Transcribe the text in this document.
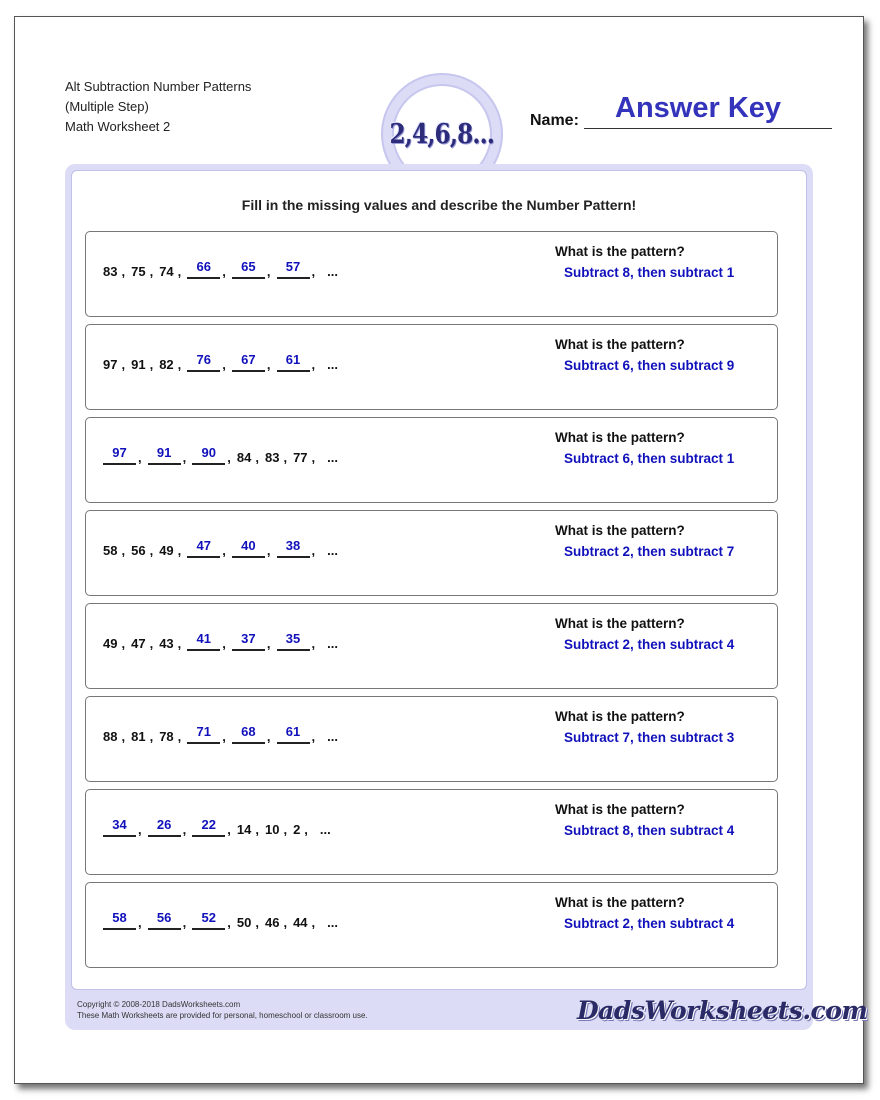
Alt Subtraction Number Patterns
(Multiple Step)
Math Worksheet 2	2,4,6,8... Name: Answer Key
Fill in the missing values and describe the Number Pattern!
83 , 75 , 74 ,	66 ,	65 ,	57 , ...
What is the pattern?
Subtract 8, then subtract 1
97 , 91 , 82 ,	76 ,	67 ,	61 , ...
What is the pattern?
Subtract 6, then subtract 9
97 ,	91 ,	90 , 84 , 83 , 77 , ...
What is the pattern?
Subtract 6, then subtract 1
58 , 56 , 49 ,	47 ,	40 ,	38 , ...
What is the pattern?
Subtract 2, then subtract 7
49 , 47 , 43 ,	41 ,	37 ,	35 , ...
What is the pattern?
Subtract 2, then subtract 4
88 , 81 , 78 ,	71 ,	68 ,	61 , ...
What is the pattern?
Subtract 7, then subtract 3
34 ,	26 ,	22 , 14 , 10 , 2 , ...
What is the pattern?
Subtract 8, then subtract 4
58 ,	56 ,	52 , 50 , 46 , 44 , ...
What is the pattern?
Subtract 2, then subtract 4
Copyright © 2008-2018 DadsWorksheets.com
These Math Worksheets are provided for personal, homeschool or classroom use.	DadsWorksheets.com
